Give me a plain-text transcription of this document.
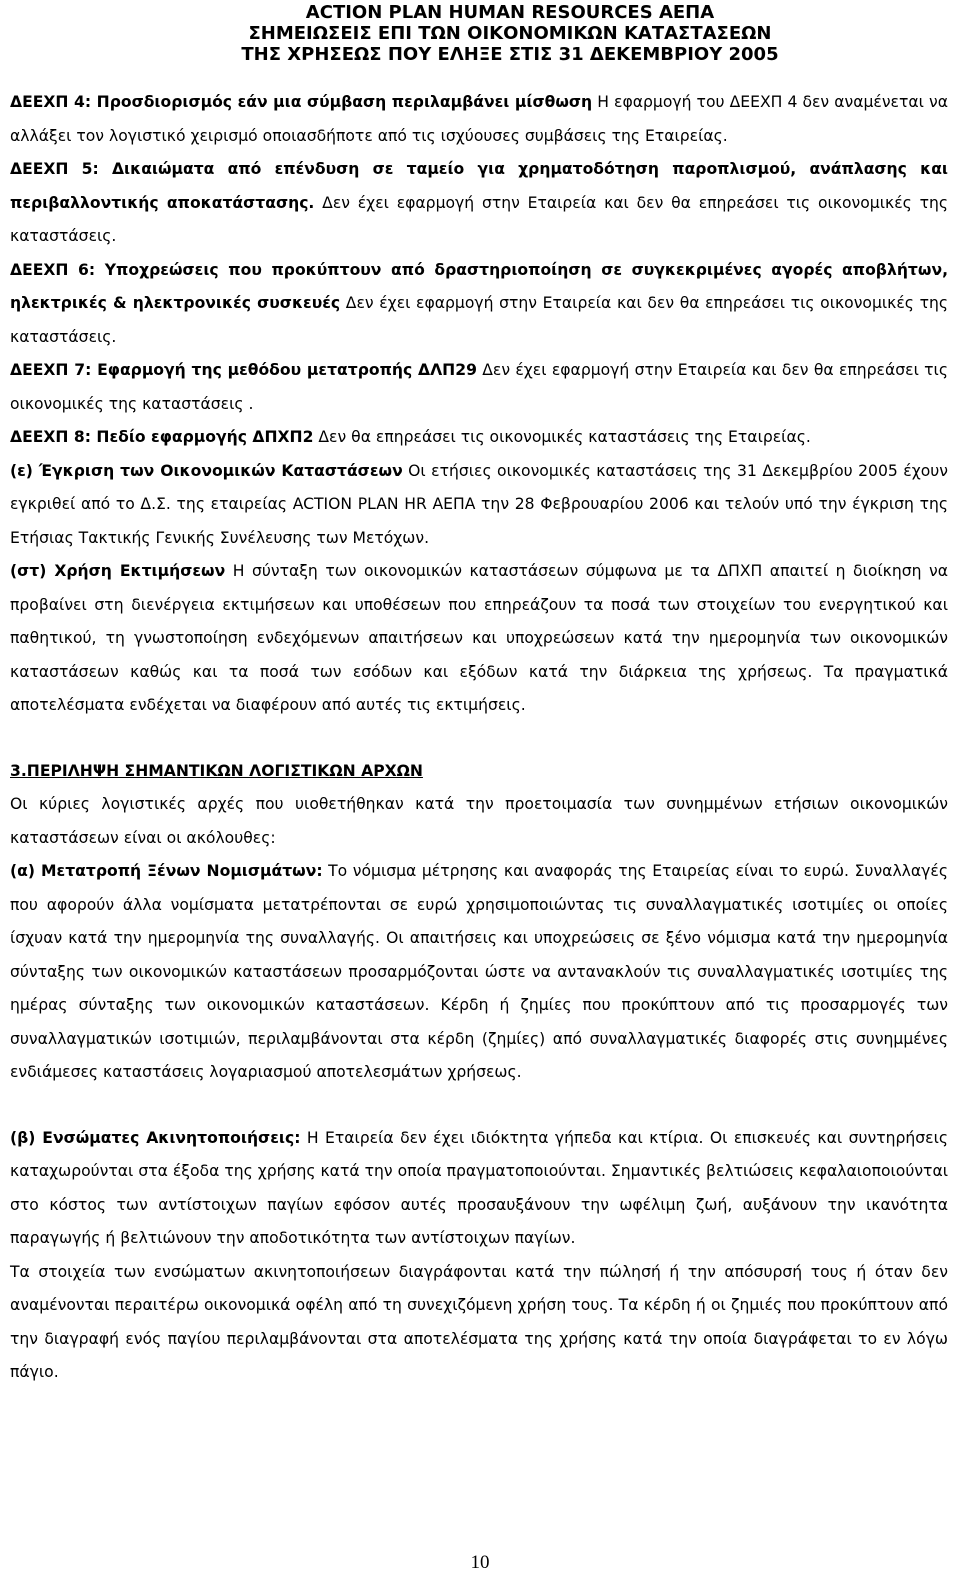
ACTION PLAN HUMAN RESOURCES ΑΕΠΑ
ΣΗΜΕΙΩΣΕΙΣ ΕΠΙ ΤΩΝ ΟΙΚΟΝΟΜΙΚΩΝ ΚΑΤΑΣΤΑΣΕΩΝ
ΤΗΣ ΧΡΗΣΕΩΣ ΠΟΥ ΕΛΗΞΕ ΣΤΙΣ 31 ΔΕΚΕΜΒΡΙΟΥ 2005

ΔΕΕΧΠ 4: Προσδιορισμός εάν μια σύμβαση περιλαμβάνει μίσθωση Η εφαρμογή του ΔΕΕΧΠ 4 δεν αναμένεται να αλλάξει τον λογιστικό χειρισμό οποιασδήποτε από τις ισχύουσες συμβάσεις της Εταιρείας.

ΔΕΕΧΠ 5: Δικαιώματα από επένδυση σε ταμείο για χρηματοδότηση παροπλισμού, ανάπλασης και περιβαλλοντικής αποκατάστασης. Δεν έχει εφαρμογή στην Εταιρεία και δεν θα επηρεάσει τις οικονομικές της καταστάσεις.

ΔΕΕΧΠ 6: Υποχρεώσεις που προκύπτουν από δραστηριοποίηση σε συγκεκριμένες αγορές αποβλήτων, ηλεκτρικές & ηλεκτρονικές συσκευές Δεν έχει εφαρμογή στην Εταιρεία και δεν θα επηρεάσει τις οικονομικές της καταστάσεις.

ΔΕΕΧΠ 7: Εφαρμογή της μεθόδου μετατροπής ΔΛΠ29 Δεν έχει εφαρμογή στην Εταιρεία και δεν θα επηρεάσει τις οικονομικές της καταστάσεις .

ΔΕΕΧΠ 8: Πεδίο εφαρμογής ΔΠΧΠ2 Δεν θα επηρεάσει τις οικονομικές καταστάσεις της Εταιρείας.

(ε) Έγκριση των Οικονομικών Καταστάσεων Οι ετήσιες οικονομικές καταστάσεις της 31 Δεκεμβρίου 2005 έχουν εγκριθεί από το Δ.Σ. της εταιρείας ACTION PLAN HR ΑΕΠΑ την 28 Φεβρουαρίου 2006 και τελούν υπό την έγκριση της Ετήσιας Τακτικής Γενικής Συνέλευσης των Μετόχων.

(στ) Χρήση Εκτιμήσεων Η σύνταξη των οικονομικών καταστάσεων σύμφωνα με τα ΔΠΧΠ απαιτεί η διοίκηση να προβαίνει στη διενέργεια εκτιμήσεων και υποθέσεων που επηρεάζουν τα ποσά των στοιχείων του ενεργητικού και παθητικού, τη γνωστοποίηση ενδεχόμενων απαιτήσεων και υποχρεώσεων κατά την ημερομηνία των οικονομικών καταστάσεων καθώς και τα ποσά των εσόδων και εξόδων κατά την διάρκεια της χρήσεως. Τα πραγματικά αποτελέσματα ενδέχεται να διαφέρουν από αυτές τις εκτιμήσεις.

3.ΠΕΡΙΛΗΨΗ ΣΗΜΑΝΤΙΚΩΝ ΛΟΓΙΣΤΙΚΩΝ ΑΡΧΩΝ

Οι κύριες λογιστικές αρχές που υιοθετήθηκαν κατά την προετοιμασία των συνημμένων ετήσιων οικονομικών καταστάσεων είναι οι ακόλουθες:

(α) Μετατροπή Ξένων Νομισμάτων: Το νόμισμα μέτρησης και αναφοράς της Εταιρείας είναι το ευρώ. Συναλλαγές που αφορούν άλλα νομίσματα μετατρέπονται σε ευρώ χρησιμοποιώντας τις συναλλαγματικές ισοτιμίες οι οποίες ίσχυαν κατά την ημερομηνία της συναλλαγής. Οι απαιτήσεις και υποχρεώσεις σε ξένο νόμισμα κατά την ημερομηνία σύνταξης των οικονομικών καταστάσεων προσαρμόζονται ώστε να αντανακλούν τις συναλλαγματικές ισοτιμίες της ημέρας σύνταξης των οικονομικών καταστάσεων. Κέρδη ή ζημίες που προκύπτουν από τις προσαρμογές των συναλλαγματικών ισοτιμιών, περιλαμβάνονται στα κέρδη (ζημίες) από συναλλαγματικές διαφορές στις συνημμένες ενδιάμεσες καταστάσεις λογαριασμού αποτελεσμάτων χρήσεως.

(β) Ενσώματες Ακινητοποιήσεις: Η Εταιρεία δεν έχει ιδιόκτητα γήπεδα και κτίρια. Οι επισκευές και συντηρήσεις καταχωρούνται στα έξοδα της χρήσης κατά την οποία πραγματοποιούνται. Σημαντικές βελτιώσεις κεφαλαιοποιούνται στο κόστος των αντίστοιχων παγίων εφόσον αυτές προσαυξάνουν την ωφέλιμη ζωή, αυξάνουν την ικανότητα παραγωγής ή βελτιώνουν την αποδοτικότητα των αντίστοιχων παγίων.

Τα στοιχεία των ενσώματων ακινητοποιήσεων διαγράφονται κατά την πώλησή ή την απόσυρσή τους ή όταν δεν αναμένονται περαιτέρω οικονομικά οφέλη από τη συνεχιζόμενη χρήση τους. Τα κέρδη ή οι ζημιές που προκύπτουν από την διαγραφή ενός παγίου περιλαμβάνονται στα αποτελέσματα της χρήσης κατά την οποία διαγράφεται το εν λόγω πάγιο.

10
